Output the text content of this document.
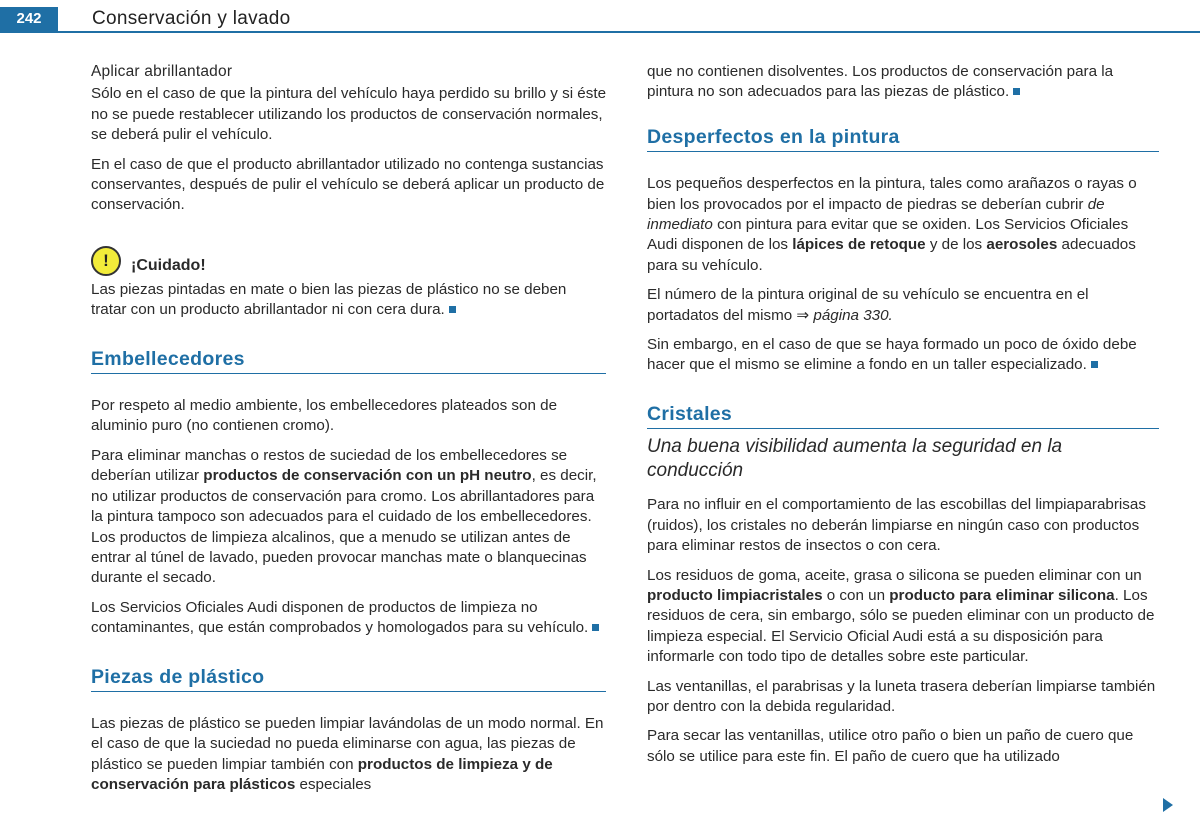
242	Conservación y lavado
Aplicar abrillantador

Sólo en el caso de que la pintura del vehículo haya perdido su brillo y si éste no se puede restablecer utilizando los productos de conservación normales, se deberá pulir el vehículo.

En el caso de que el producto abrillantador utilizado no contenga sustancias conservantes, después de pulir el vehículo se deberá aplicar un producto de conservación.

!	¡Cuidado!

Las piezas pintadas en mate o bien las piezas de plástico no se deben tratar con un producto abrillantador ni con cera dura.

Embellecedores

Por respeto al medio ambiente, los embellecedores plateados son de aluminio puro (no contienen cromo).

Para eliminar manchas o restos de suciedad de los embellecedores se deberían utilizar productos de conservación con un pH neutro, es decir, no utilizar productos de conservación para cromo. Los abrillantadores para la pintura tampoco son adecuados para el cuidado de los embellecedores. Los productos de limpieza alcalinos, que a menudo se utilizan antes de entrar al túnel de lavado, pueden provocar manchas mate o blanquecinas durante el secado.

Los Servicios Oficiales Audi disponen de productos de limpieza no contaminantes, que están comprobados y homologados para su vehículo.

Piezas de plástico

Las piezas de plástico se pueden limpiar lavándolas de un modo normal. En el caso de que la suciedad no pueda eliminarse con agua, las piezas de plástico se pueden limpiar también con productos de limpieza y de conservación para plásticos especiales

que no contienen disolventes. Los productos de conservación para la pintura no son adecuados para las piezas de plástico.

Desperfectos en la pintura

Los pequeños desperfectos en la pintura, tales como arañazos o rayas o bien los provocados por el impacto de piedras se deberían cubrir de inmediato con pintura para evitar que se oxiden. Los Servicios Oficiales Audi disponen de los lápices de retoque y de los aerosoles adecuados para su vehículo.

El número de la pintura original de su vehículo se encuentra en el portadatos del mismo ⇒ página 330.

Sin embargo, en el caso de que se haya formado un poco de óxido debe hacer que el mismo se elimine a fondo en un taller especializado.

Cristales
Una buena visibilidad aumenta la seguridad en la conducción

Para no influir en el comportamiento de las escobillas del limpiaparabrisas (ruidos), los cristales no deberán limpiarse en ningún caso con productos para eliminar restos de insectos o con cera.

Los residuos de goma, aceite, grasa o silicona se pueden eliminar con un producto limpiacristales o con un producto para eliminar silicona. Los residuos de cera, sin embargo, sólo se pueden eliminar con un producto de limpieza especial. El Servicio Oficial Audi está a su disposición para informarle con todo tipo de detalles sobre este particular.

Las ventanillas, el parabrisas y la luneta trasera deberían limpiarse también por dentro con la debida regularidad.

Para secar las ventanillas, utilice otro paño o bien un paño de cuero que sólo se utilice para este fin. El paño de cuero que ha utilizado
